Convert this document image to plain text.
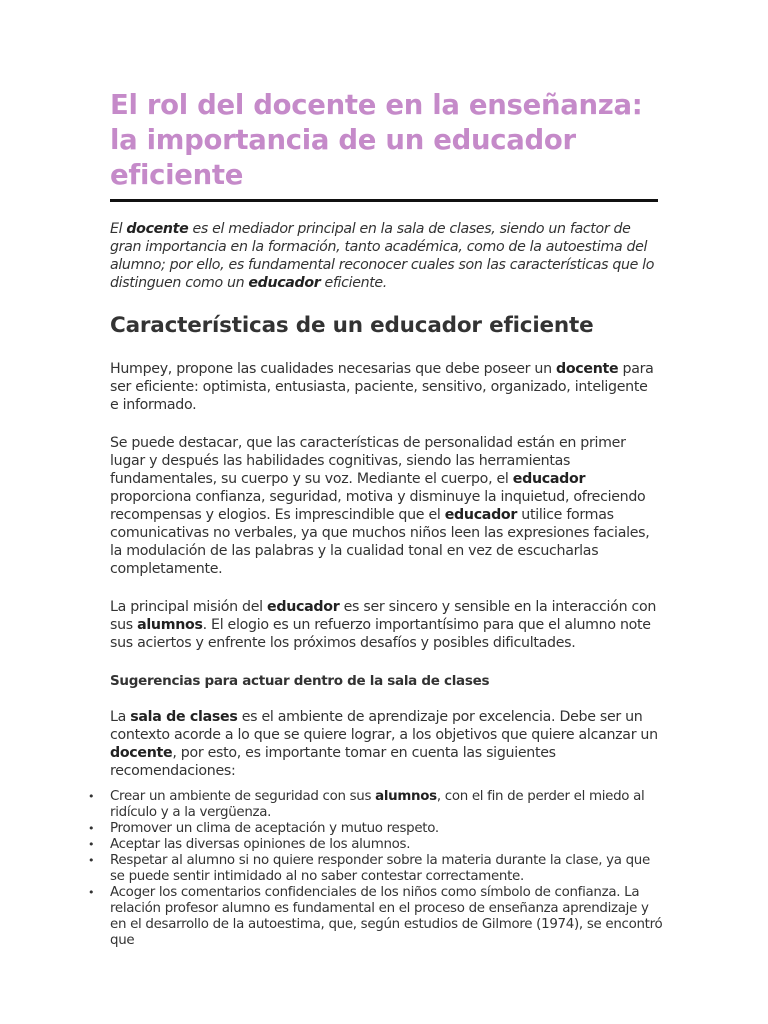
El rol del docente en la enseñanza: la importancia de un educador eficiente

El docente es el mediador principal en la sala de clases, siendo un factor de gran importancia en la formación, tanto académica, como de la autoestima del alumno; por ello, es fundamental reconocer cuales son las características que lo distinguen como un educador eficiente.

Características de un educador eficiente

Humpey, propone las cualidades necesarias que debe poseer un docente para ser eficiente: optimista, entusiasta, paciente, sensitivo, organizado, inteligente e informado.

Se puede destacar, que las características de personalidad están en primer lugar y después las habilidades cognitivas, siendo las herramientas fundamentales, su cuerpo y su voz. Mediante el cuerpo, el educador proporciona confianza, seguridad, motiva y disminuye la inquietud, ofreciendo recompensas y elogios. Es imprescindible que el educador utilice formas comunicativas no verbales, ya que muchos niños leen las expresiones faciales, la modulación de las palabras y la cualidad tonal en vez de escucharlas completamente.

La principal misión del educador es ser sincero y sensible en la interacción con sus alumnos. El elogio es un refuerzo importantísimo para que el alumno note sus aciertos y enfrente los próximos desafíos y posibles dificultades.

Sugerencias para actuar dentro de la sala de clases

La sala de clases es el ambiente de aprendizaje por excelencia. Debe ser un contexto acorde a lo que se quiere lograr, a los objetivos que quiere alcanzar un docente, por esto, es importante tomar en cuenta las siguientes recomendaciones:

• Crear un ambiente de seguridad con sus alumnos, con el fin de perder el miedo al ridículo y a la vergüenza.
• Promover un clima de aceptación y mutuo respeto.
• Aceptar las diversas opiniones de los alumnos.
• Respetar al alumno si no quiere responder sobre la materia durante la clase, ya que se puede sentir intimidado al no saber contestar correctamente.
• Acoger los comentarios confidenciales de los niños como símbolo de confianza. La relación profesor alumno es fundamental en el proceso de enseñanza aprendizaje y en el desarrollo de la autoestima, que, según estudios de Gilmore (1974), se encontró que
